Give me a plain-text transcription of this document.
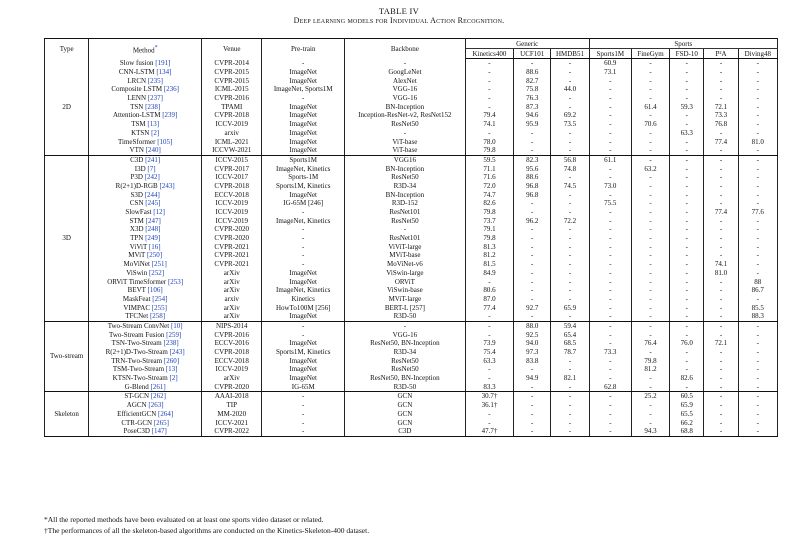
TABLE IV
Deep learning models for Individual Action Recognition.
Type	Method*	Venue	Pre-train	Backbone	Generic			Sports				
					Kinetics400	UCF101	HMDB51	Sports1M	FineGym	FSD-10	P²A	Diving48
2D	Slow fusion [191]	CVPR-2014	-	-	-	-	-	60.9	-	-	-	-
	CNN-LSTM [134]	CVPR-2015	ImageNet	GoogLeNet	-	88.6	-	73.1	-	-	-	-
	LRCN [235]	CVPR-2015	ImageNet	AlexNet	-	82.7	-	-	-	-	-	-
	Composite LSTM [236]	ICML-2015	ImageNet, Sports1M	VGG-16	-	75.8	44.0	-	-	-	-	-
	LENN [237]	CVPR-2016	-	VGG-16	-	76.3	-	-	-	-	-	-
	TSN [238]	TPAMI	ImageNet	BN-Inception	-	87.3	-	-	61.4	59.3	72.1	-
	Attention-LSTM [239]	CVPR-2018	ImageNet	Inception-ResNet-v2, ResNet152	79.4	94.6	69.2	-	-	-	73.3	-
	TSM [13]	ICCV-2019	ImageNet	ResNet50	74.1	95.9	73.5	-	70.6	-	76.8	-
	KTSN [2]	arxiv	ImageNet	-	-	-	-	-	-	63.3	-	-
	TimeSformer [105]	ICML-2021	ImageNet	ViT-base	78.0	-	-	-	-	-	77.4	81.0
	VTN [240]	ICCVW-2021	ImageNet	ViT-base	79.8	-	-	-	-	-	-	-
3D	C3D [241]	ICCV-2015	Sports1M	VGG16	59.5	82.3	56.8	61.1	-	-	-	-
	I3D [7]	CVPR-2017	ImageNet, Kinetics	BN-Inception	71.1	95.6	74.8	-	63.2	-	-	-
	P3D [242]	ICCV-2017	Sports-1M	ResNet50	71.6	88.6	-	-	-	-	-	-
	R(2+1)D-RGB [243]	CVPR-2018	Sports1M, Kinetics	R3D-34	72.0	96.8	74.5	73.0	-	-	-	-
	S3D [244]	ECCV-2018	ImageNet	BN-Inception	74.7	96.8	-	-	-	-	-	-
	CSN [245]	ICCV-2019	IG-65M [246]	R3D-152	82.6	-	-	75.5	-	-	-	-
	SlowFast [12]	ICCV-2019	-	ResNet101	79.8	-	-	-	-	-	77.4	77.6
	STM [247]	ICCV-2019	ImageNet, Kinetics	ResNet50	73.7	96.2	72.2	-	-	-	-	-
	X3D [248]	CVPR-2020	-	-	79.1	-	-	-	-	-	-	-
	TPN [249]	CVPR-2020	-	ResNet101	79.8	-	-	-	-	-	-	-
	ViViT [16]	CVPR-2021	-	ViViT-large	81.3	-	-	-	-	-	-	-
	MViT [250]	CVPR-2021	-	MViT-base	81.2	-	-	-	-	-	-	-
	MoViNet [251]	CVPR-2021	-	MoViNet-v6	81.5	-	-	-	-	-	74.1	-
	ViSwin [252]	arXiv	ImageNet	ViSwin-large	84.9	-	-	-	-	-	81.0	-
	ORViT TimeSformer [253]	arXiv	ImageNet	ORViT	-	-	-	-	-	-	-	88
	BEVT [106]	arXiv	ImageNet, Kinetics	ViSwin-base	80.6	-	-	-	-	-	-	86.7
	MaskFeat [254]	arxiv	Kinetics	MViT-large	87.0	-	-	-	-	-	-	-
	VIMPAC [255]	arXiv	HowTo100M [256]	BERT-L [257]	77.4	92.7	65.9	-	-	-	-	85.5
	TFCNet [258]	arXiv	ImageNet	R3D-50	-	-	-	-	-	-	-	88.3
Two-stream	Two-Stream ConvNet [10]	NIPS-2014	-	-	-	88.0	59.4	-	-	-	-	-
	Two-Stream Fusion [259]	CVPR-2016	-	VGG-16	-	92.5	65.4	-	-	-	-	-
	TSN-Two-Stream [238]	ECCV-2016	ImageNet	ResNet50, BN-Inception	73.9	94.0	68.5	-	76.4	76.0	72.1	-
	R(2+1)D-Two-Stream [243]	CVPR-2018	Sports1M, Kinetics	R3D-34	75.4	97.3	78.7	73.3	-	-	-	-
	TRN-Two-Stream [260]	ECCV-2018	ImageNet	ResNet50	63.3	83.8	-	-	79.8	-	-	-
	TSM-Two-Stream [13]	ICCV-2019	ImageNet	ResNet50	-	-	-	-	81.2	-	-	-
	KTSN-Two-Stream [2]	arXiv	ImageNet	ResNet50, BN-Inception	-	94.9	82.1	-	-	82.6	-	-
	G-Blend [261]	CVPR-2020	IG-65M	R3D-50	83.3	-	-	62.8	-	-	-	-
Skeleton	ST-GCN [262]	AAAI-2018	-	GCN	30.7†	-	-	-	25.2	60.5	-	-
	AGCN [263]	TIP	-	GCN	36.1†	-	-	-	-	65.9	-	-
	EfficientGCN [264]	MM-2020	-	GCN	-	-	-	-	-	65.5	-	-
	CTR-GCN [265]	ICCV-2021	-	GCN	-	-	-	-	-	66.2	-	-
	PoseC3D [147]	CVPR-2022	-	C3D	47.7†	-	-	-	94.3	68.8	-	-
*All the reported methods have been evaluated on at least one sports video dataset or related.
†The performances of all the skeleton-based algorithms are conducted on the Kinetics-Skeleton-400 dataset.
